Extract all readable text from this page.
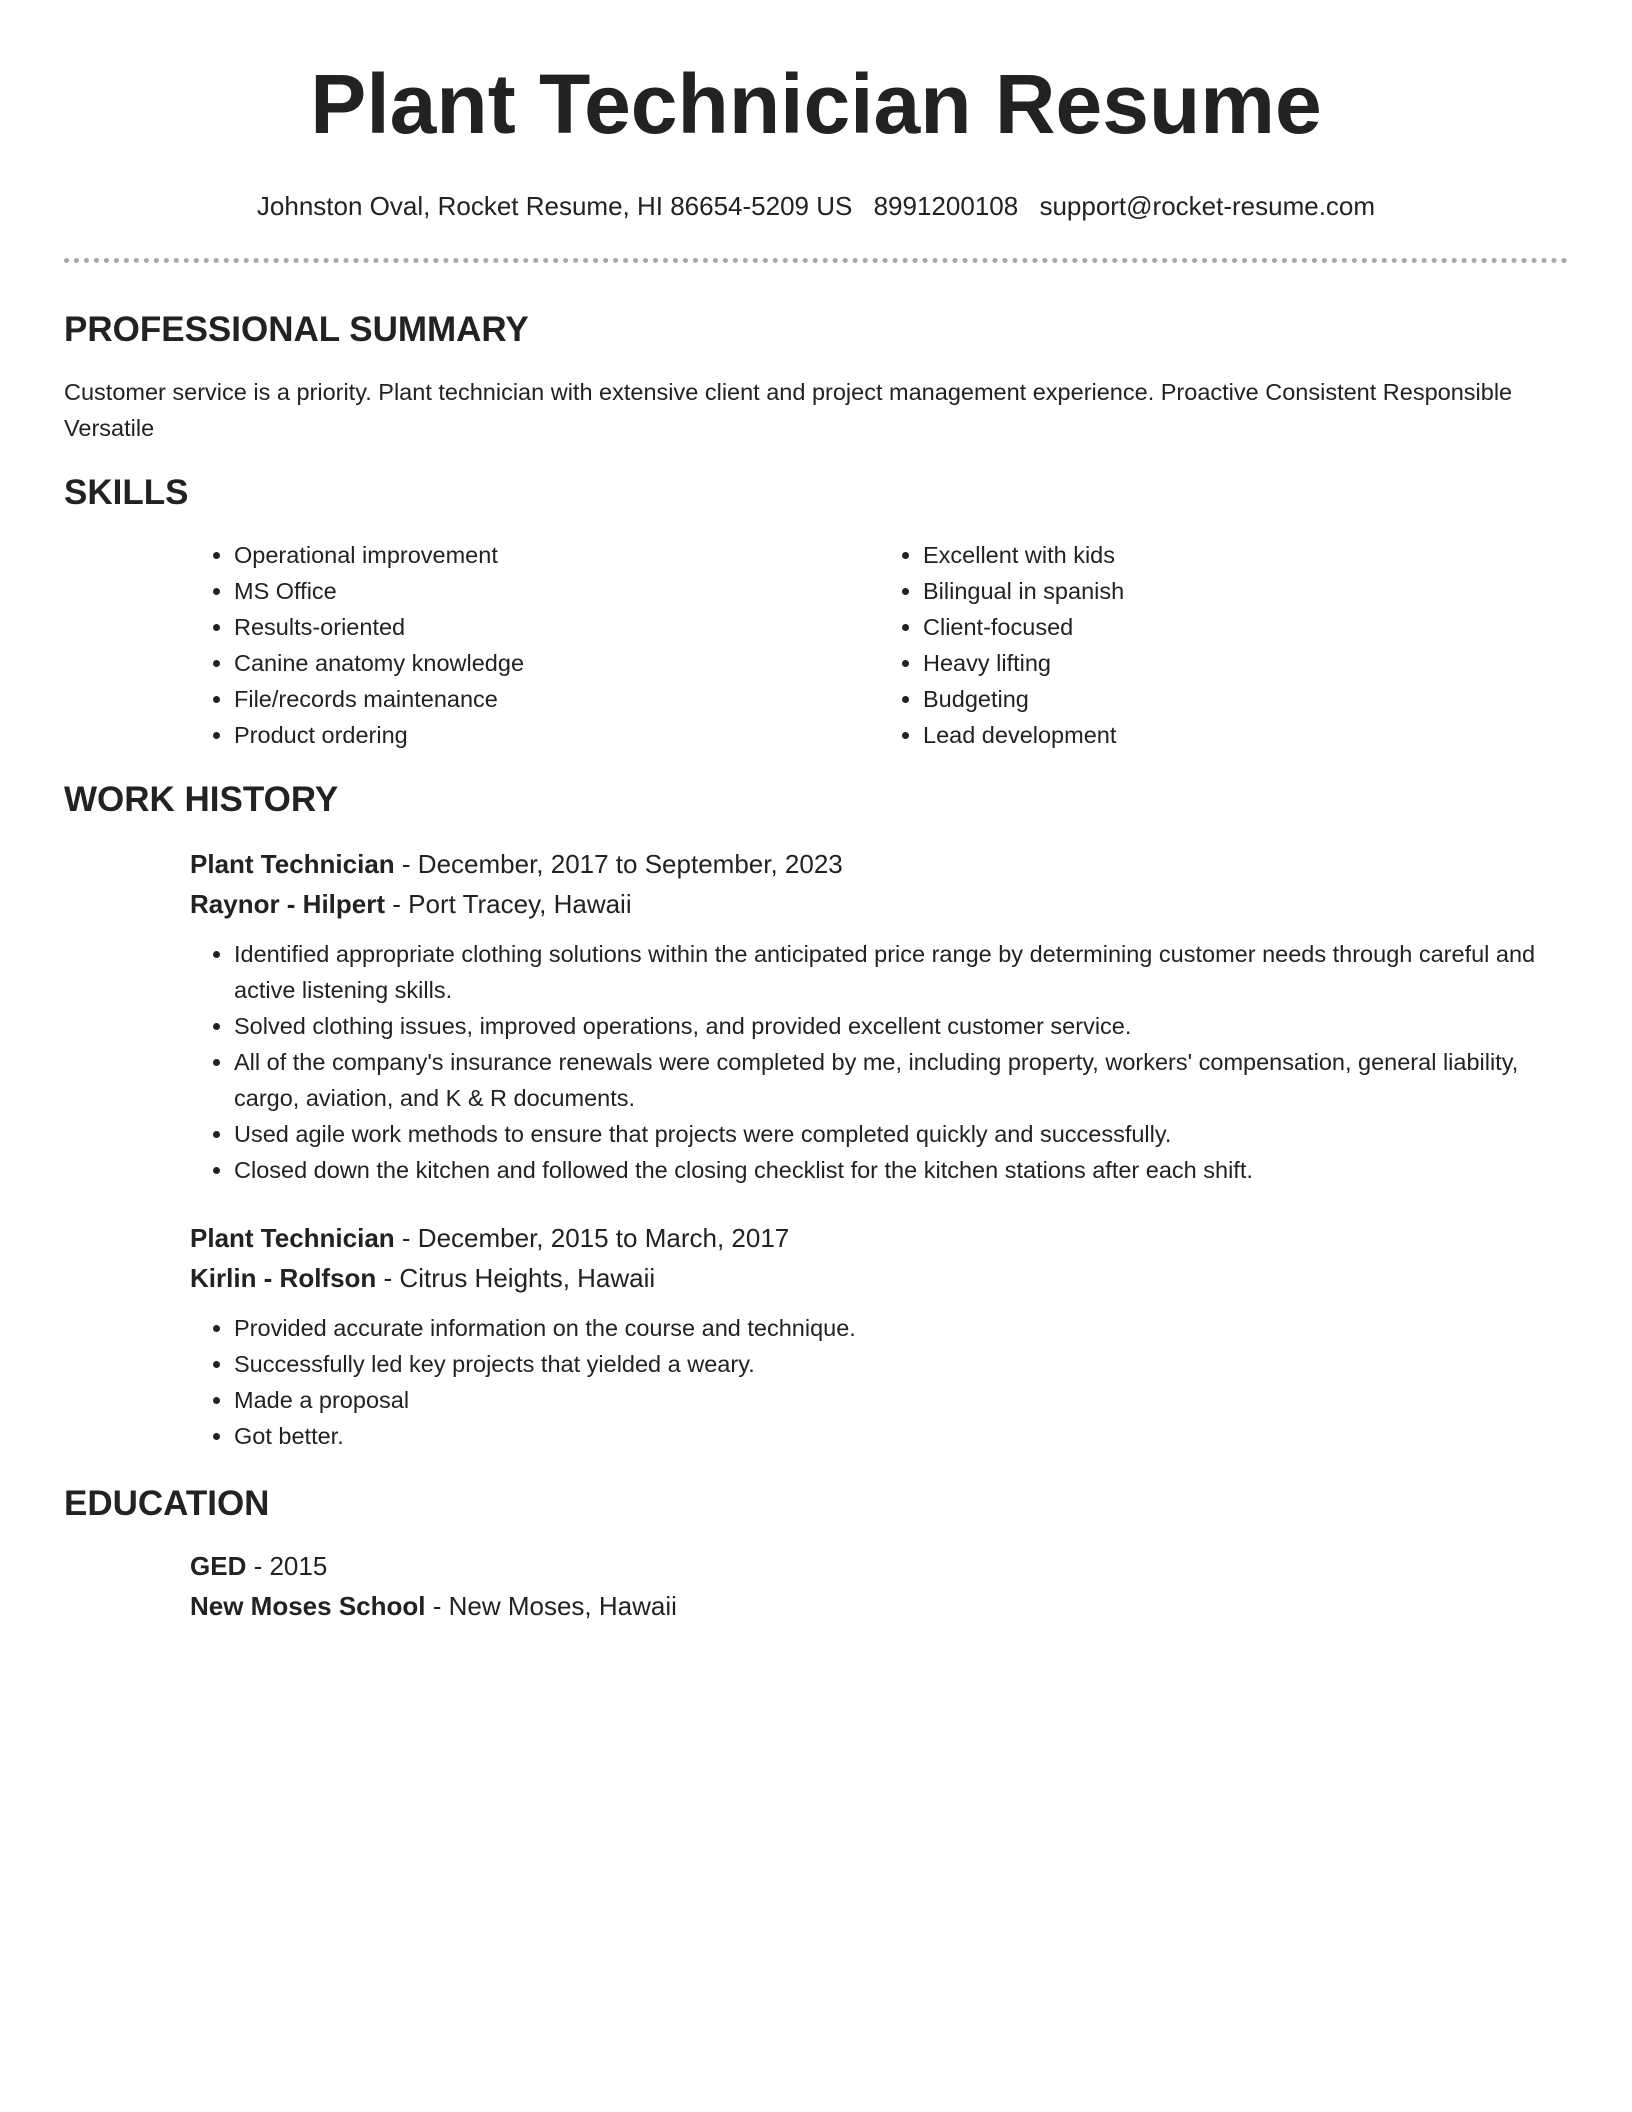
Plant Technician Resume
Johnston Oval, Rocket Resume, HI 86654-5209 US 8991200108 support@rocket-resume.com
PROFESSIONAL SUMMARY

Customer service is a priority. Plant technician with extensive client and project management experience. Proactive Consistent Responsible Versatile

SKILLS
• Operational improvement
• MS Office
• Results-oriented
• Canine anatomy knowledge
• File/records maintenance
• Product ordering
• Excellent with kids
• Bilingual in spanish
• Client-focused
• Heavy lifting
• Budgeting
• Lead development
WORK HISTORY
Plant Technician - December, 2017 to September, 2023
Raynor - Hilpert - Port Tracey, Hawaii
• Identified appropriate clothing solutions within the anticipated price range by determining customer needs through careful and active listening skills.
• Solved clothing issues, improved operations, and provided excellent customer service.
• All of the company's insurance renewals were completed by me, including property, workers' compensation, general liability, cargo, aviation, and K & R documents.
• Used agile work methods to ensure that projects were completed quickly and successfully.
• Closed down the kitchen and followed the closing checklist for the kitchen stations after each shift.
Plant Technician - December, 2015 to March, 2017
Kirlin - Rolfson - Citrus Heights, Hawaii
• Provided accurate information on the course and technique.
• Successfully led key projects that yielded a weary.
• Made a proposal
• Got better.
EDUCATION
GED - 2015
New Moses School - New Moses, Hawaii
